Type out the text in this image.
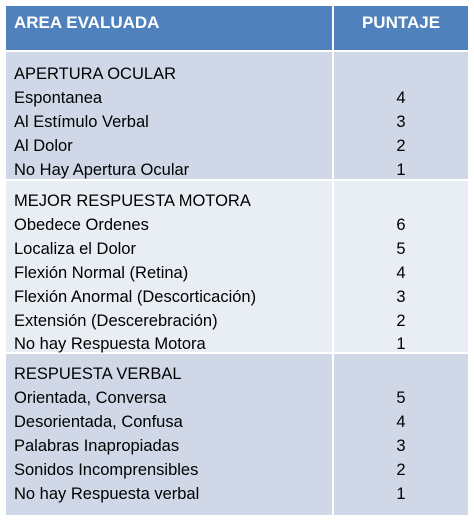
AREA EVALUADA	PUNTAJE
APERTURA OCULAR
Espontanea	4
Al Estímulo Verbal	3
Al Dolor	2
No Hay Apertura Ocular	1
MEJOR RESPUESTA MOTORA
Obedece Ordenes	6
Localiza el Dolor	5
Flexión Normal (Retina)	4
Flexión Anormal (Descorticación)	3
Extensión (Descerebración)	2
No hay Respuesta Motora	1
RESPUESTA VERBAL
Orientada, Conversa	5
Desorientada, Confusa	4
Palabras Inapropiadas	3
Sonidos Incomprensibles	2
No hay Respuesta verbal	1
